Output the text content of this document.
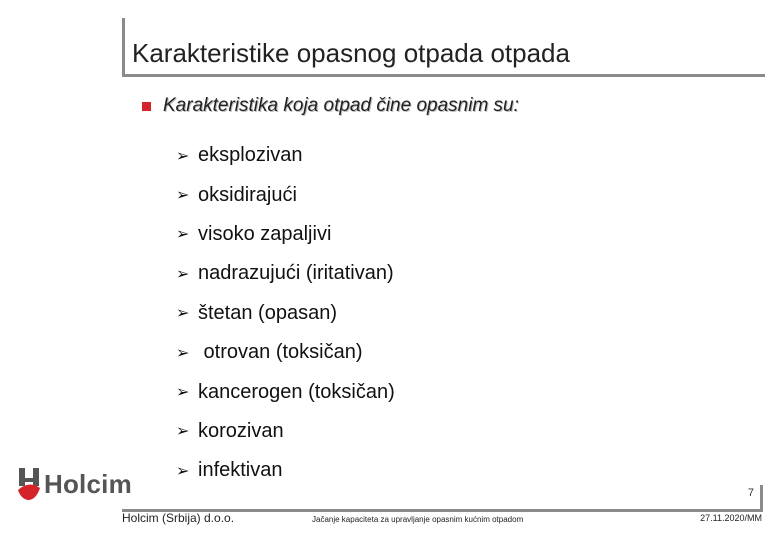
Karakteristike opasnog otpada otpada
Karakteristika koja otpad čine opasnim su:
➢ eksplozivan
➢ oksidirajući
➢ visoko zapaljivi
➢ nadrazujući (iritativan)
➢ štetan (opasan)
➢ otrovan (toksičan)
➢ kancerogen (toksičan)
➢ korozivan
➢ infektivan
Holcim	7
Holcim (Srbija) d.o.o.	Jačanje kapaciteta za upravljanje opasnim kućnim otpadom	27.11.2020/MM
